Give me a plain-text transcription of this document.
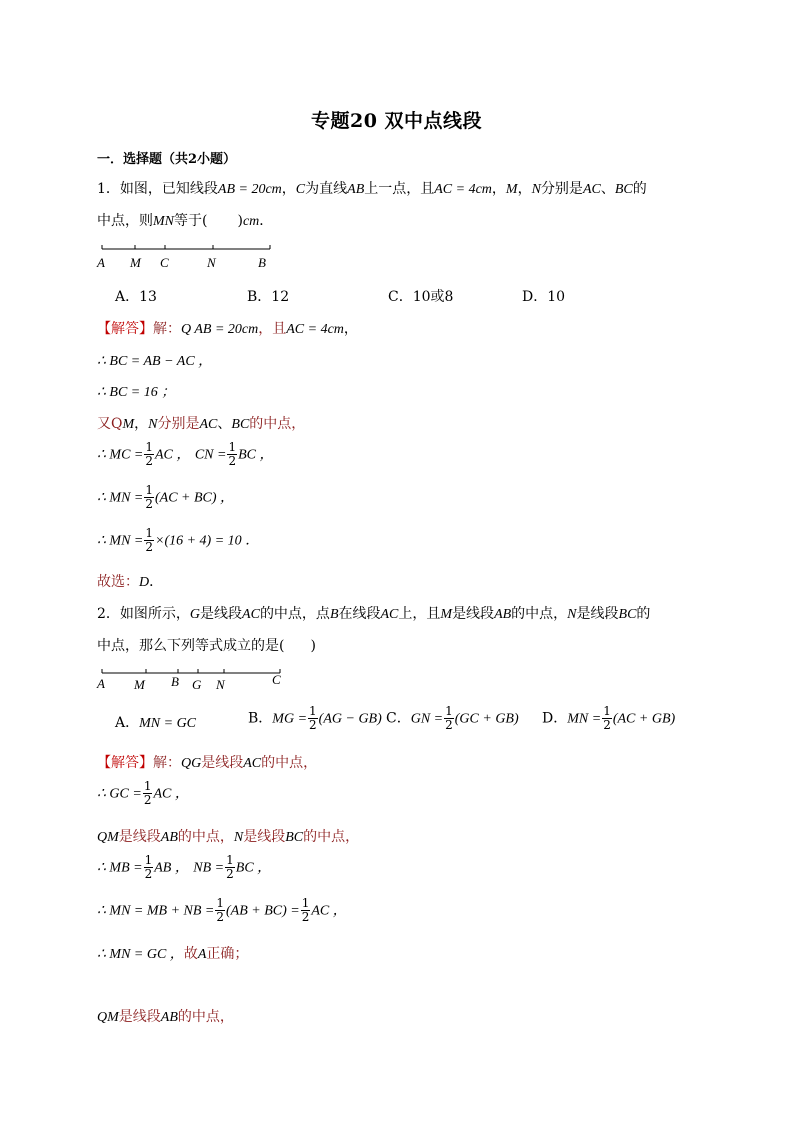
专题20 双中点线段
一．选择题（共2小题）
1．如图，已知线段AB = 20cm，C为直线AB上一点，且AC = 4cm，M，N分别是AC、BC的
中点，则MN等于( )cm．
A M C	N	B
A．13	B．12	C．10或8	D．10
【解答】解：Q AB = 20cm，且AC = 4cm，
∴ BC = AB − AC ，
∴ BC = 16 ；
又QM，N分别是AC、BC的中点，
∴ MC = $\frac{1}{2}$ AC ， CN = $\frac{1}{2}$ BC ，
∴ MN = $\frac{1}{2} (AC + BC)$ ，
∴ MN = $\frac{1}{2} \times(16 + 4) = 10$ ．
故选：D．
2．如图所示，G是线段AC的中点，点B在线段AC上，且M是线段AB的中点，N是线段BC的
中点，那么下列等式成立的是( )
A M B G N	C
A．MN = GC	B．MG = $\frac{1}{2} (AG - GB)$ C．GN = $\frac{1}{2} (GC + GB)$ D．MN = $\frac{1}{2} (AC + GB)$
【解答】解：QG是线段AC的中点，
∴ GC = $\frac{1}{2}$ AC ，
QM是线段AB的中点，N是线段BC的中点，
∴ MB = $\frac{1}{2}$ AB ， NB = $\frac{1}{2}$ BC ，
∴ MN = MB + NB = $\frac{1}{2} (AB + BC) = \frac{1}{2}$ AC ，
∴ MN = GC ，故A正确；
QM是线段AB的中点，
